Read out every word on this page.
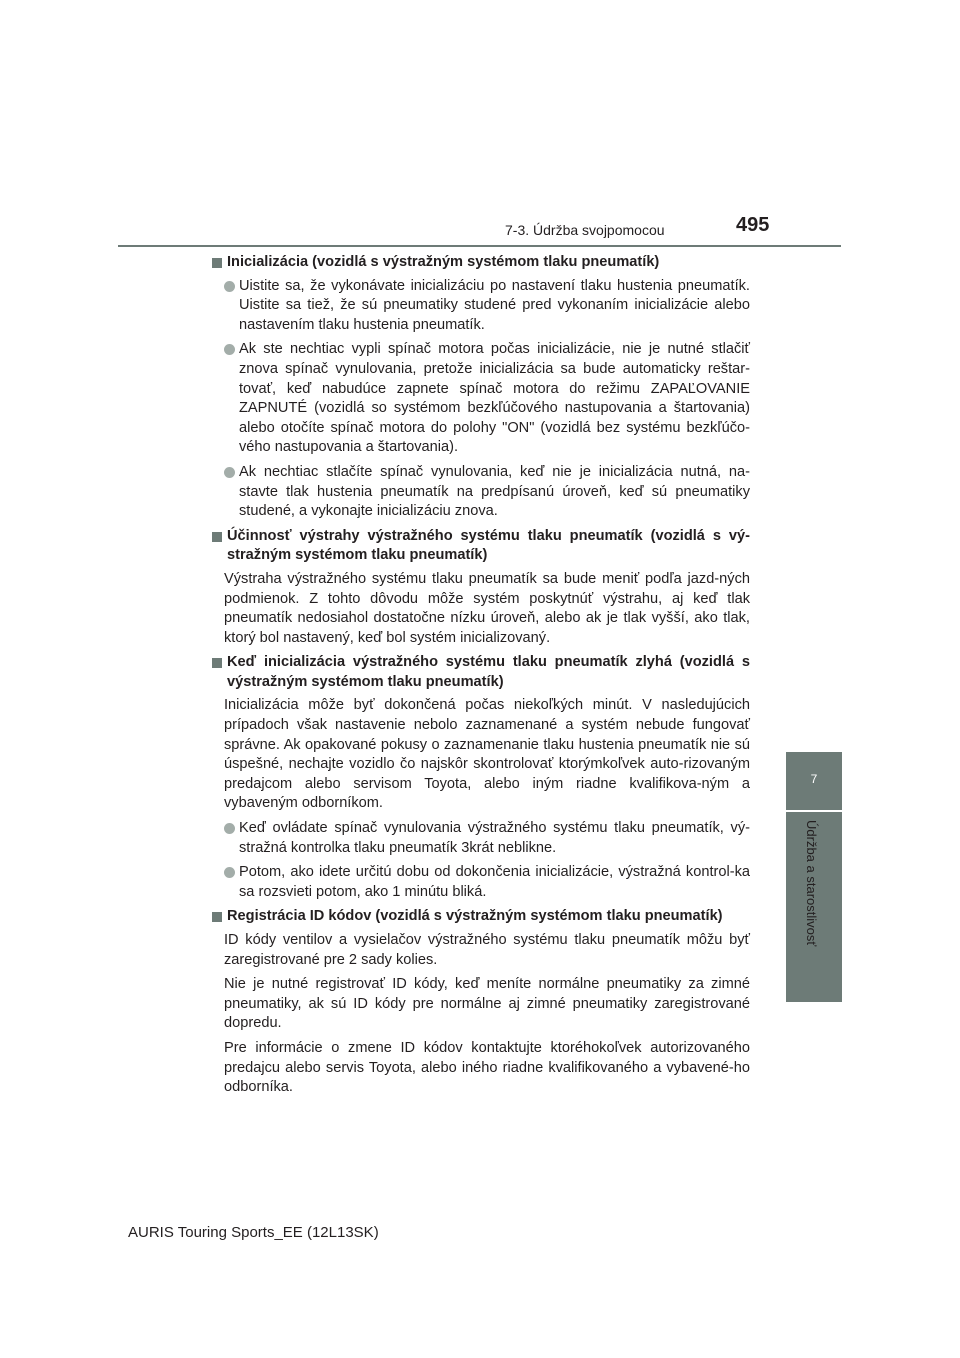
7-3. Údržba svojpomocou	495
7
Údržba a starostlivosť
Inicializácia (vozidlá s výstražným systémom tlaku pneumatík)
Uistite sa, že vykonávate inicializáciu po nastavení tlaku hustenia pneumatík. Uistite sa tiež, že sú pneumatiky studené pred vykonaním inicializácie alebo nastavením tlaku hustenia pneumatík.
Ak ste nechtiac vypli spínač motora počas inicializácie, nie je nutné stlačiť znova spínač vynulovania, pretože inicializácia sa bude automaticky reštar-tovať, keď nabudúce zapnete spínač motora do režimu ZAPAĽOVANIE ZAPNUTÉ (vozidlá so systémom bezkľúčového nastupovania a štartovania) alebo otočíte spínač motora do polohy "ON" (vozidlá bez systému bezkľúčo-vého nastupovania a štartovania).
Ak nechtiac stlačíte spínač vynulovania, keď nie je inicializácia nutná, na-stavte tlak hustenia pneumatík na predpísanú úroveň, keď sú pneumatiky studené, a vykonajte inicializáciu znova.
Účinnosť výstrahy výstražného systému tlaku pneumatík (vozidlá s vý-stražným systémom tlaku pneumatík)
Výstraha výstražného systému tlaku pneumatík sa bude meniť podľa jazd-ných podmienok. Z tohto dôvodu môže systém poskytnúť výstrahu, aj keď tlak pneumatík nedosiahol dostatočne nízku úroveň, alebo ak je tlak vyšší, ako tlak, ktorý bol nastavený, keď bol systém inicializovaný.
Keď inicializácia výstražného systému tlaku pneumatík zlyhá (vozidlá s výstražným systémom tlaku pneumatík)
Inicializácia môže byť dokončená počas niekoľkých minút. V nasledujúcich prípadoch však nastavenie nebolo zaznamenané a systém nebude fungovať správne. Ak opakované pokusy o zaznamenanie tlaku hustenia pneumatík nie sú úspešné, nechajte vozidlo čo najskôr skontrolovať ktorýmkoľvek auto-rizovaným predajcom alebo servisom Toyota, alebo iným riadne kvalifikova-ným a vybaveným odborníkom.
Keď ovládate spínač vynulovania výstražného systému tlaku pneumatík, vý-stražná kontrolka tlaku pneumatík 3krát neblikne.
Potom, ako idete určitú dobu od dokončenia inicializácie, výstražná kontrol-ka sa rozsvieti potom, ako 1 minútu bliká.
Registrácia ID kódov (vozidlá s výstražným systémom tlaku pneumatík)
ID kódy ventilov a vysielačov výstražného systému tlaku pneumatík môžu byť zaregistrované pre 2 sady kolies.
Nie je nutné registrovať ID kódy, keď meníte normálne pneumatiky za zimné pneumatiky, ak sú ID kódy pre normálne aj zimné pneumatiky zaregistrované dopredu.
Pre informácie o zmene ID kódov kontaktujte ktoréhokoľvek autorizovaného predajcu alebo servis Toyota, alebo iného riadne kvalifikovaného a vybavené-ho odborníka.
AURIS Touring Sports_EE (12L13SK)
